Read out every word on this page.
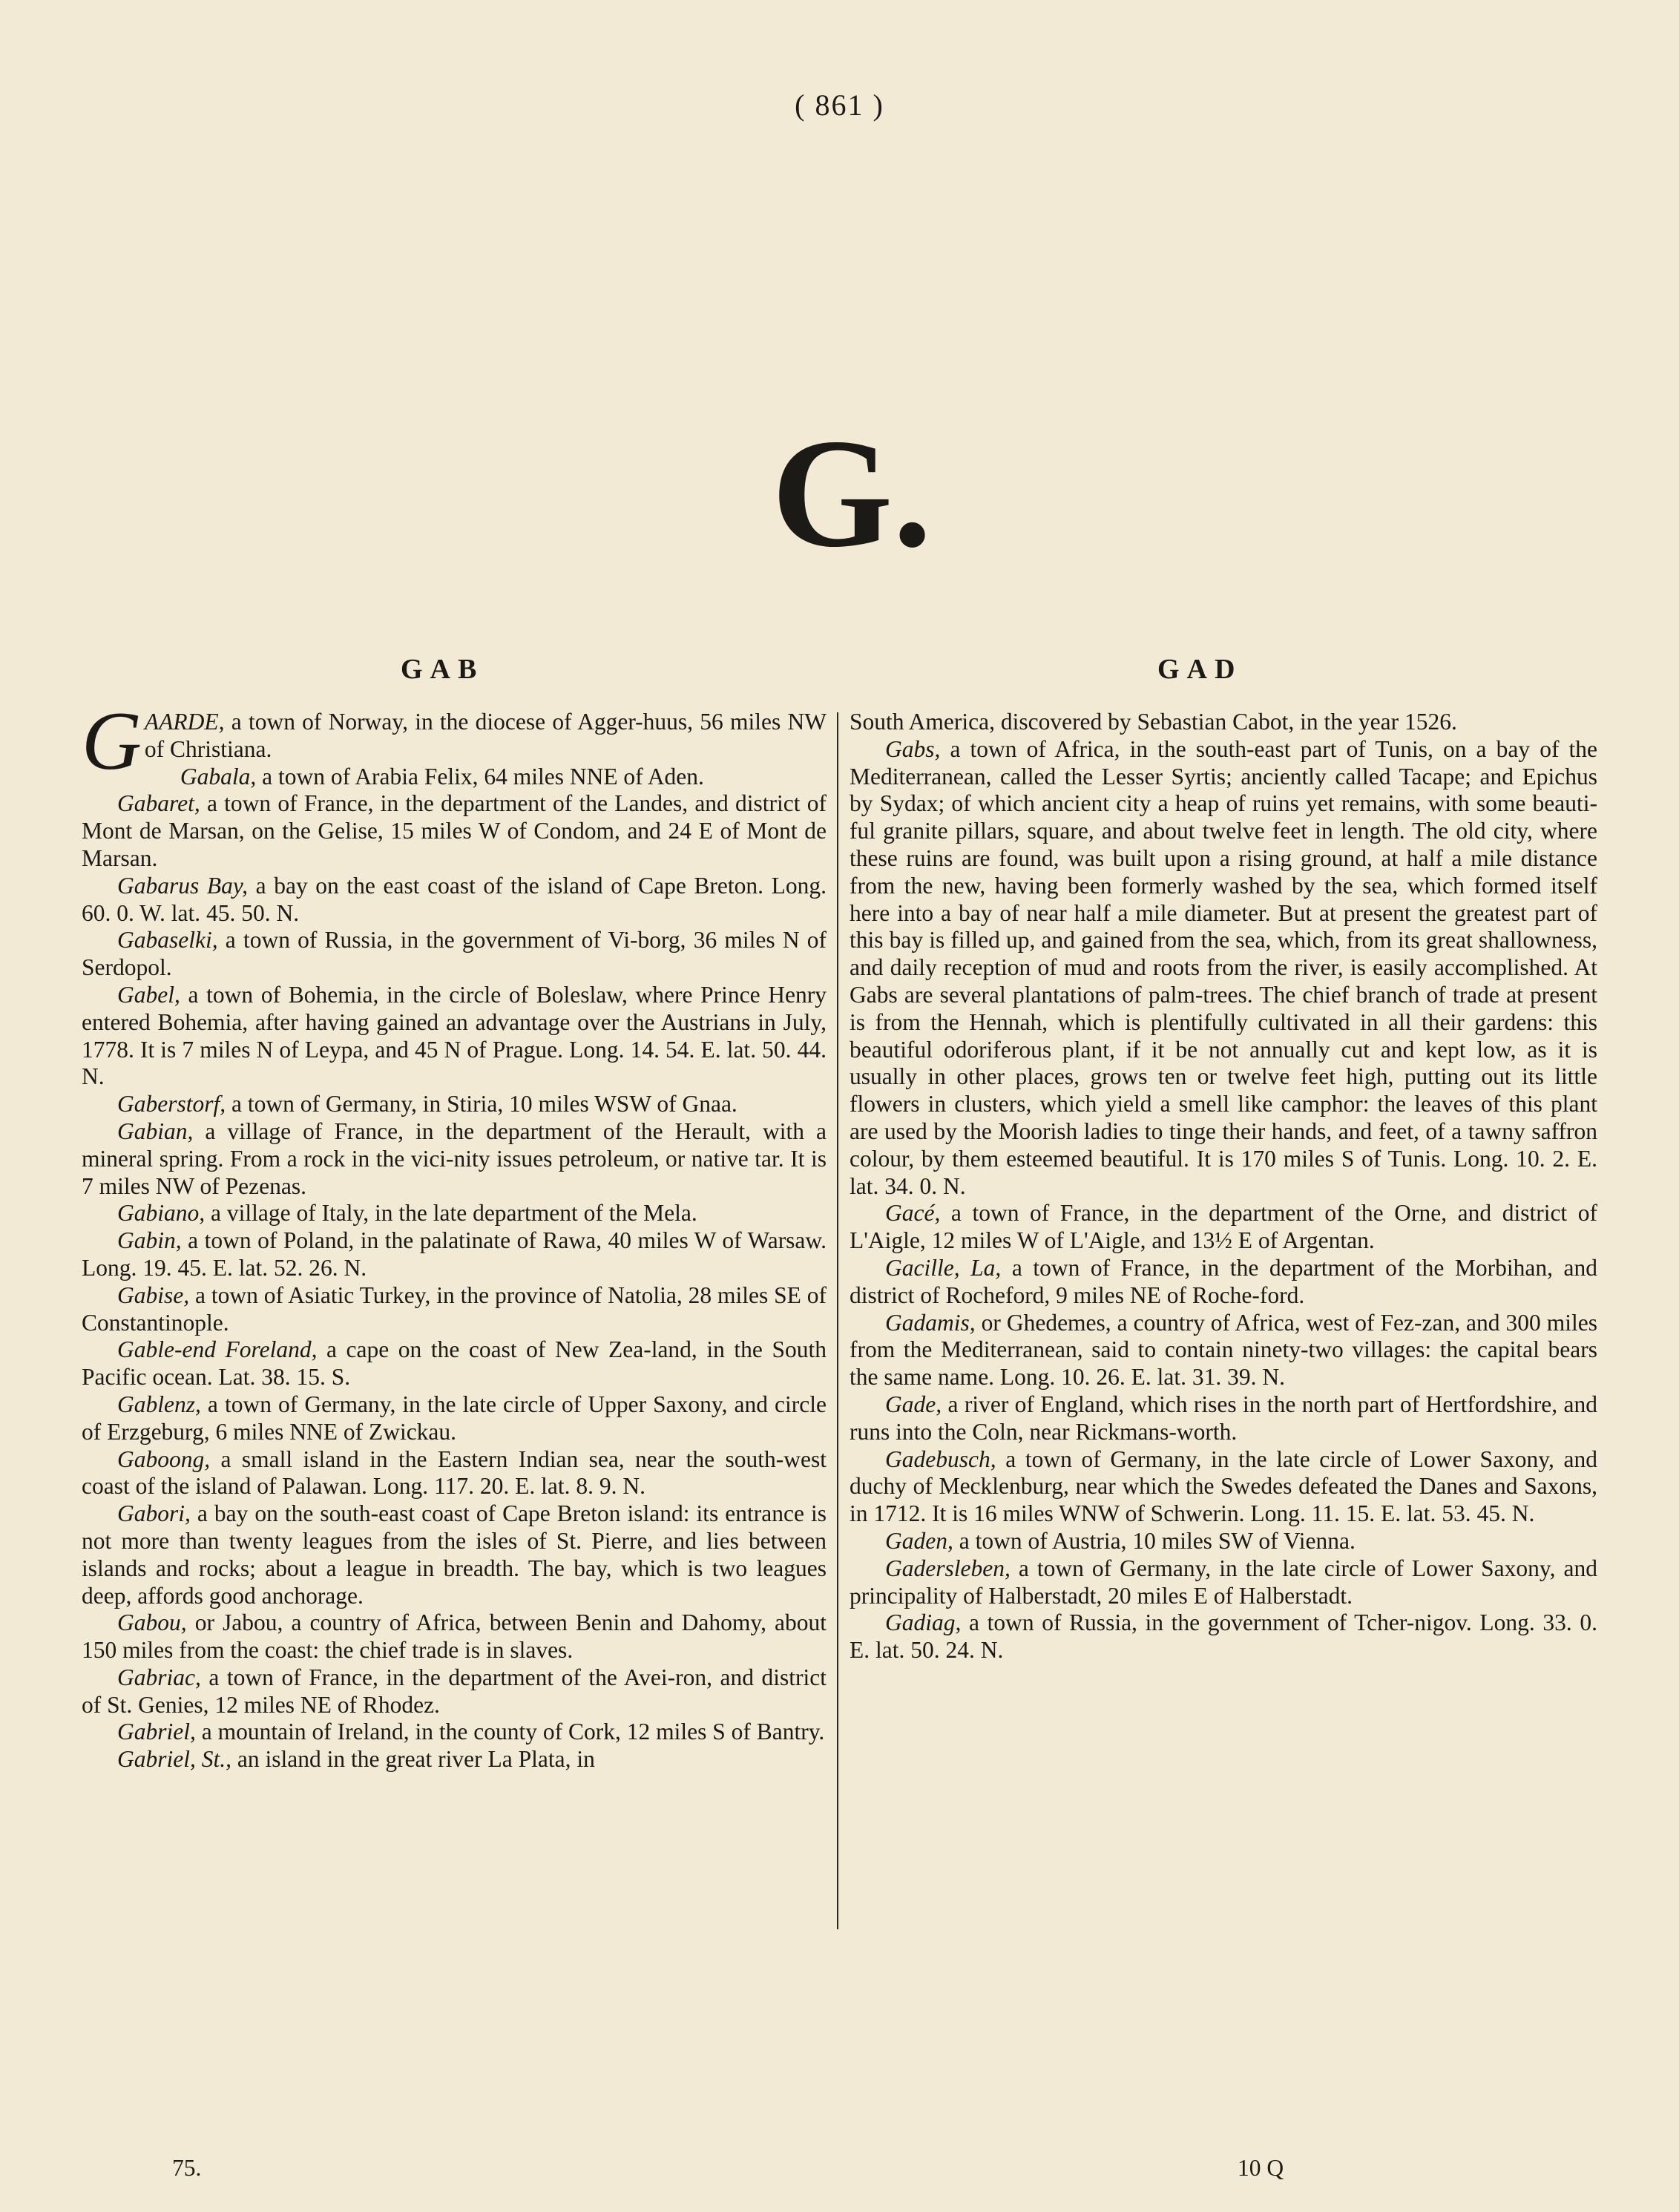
( 861 )
G.
GAB	GAD

GAARDE, a town of Norway, in the diocese of Agger-huus, 56 miles NW of Christiana.

Gabala, a town of Arabia Felix, 64 miles NNE of Aden.

Gabaret, a town of France, in the department of the Landes, and district of Mont de Marsan, on the Gelise, 15 miles W of Condom, and 24 E of Mont de Marsan.

Gabarus Bay, a bay on the east coast of the island of Cape Breton. Long. 60. 0. W. lat. 45. 50. N.

Gabaselki, a town of Russia, in the government of Vi-borg, 36 miles N of Serdopol.

Gabel, a town of Bohemia, in the circle of Boleslaw, where Prince Henry entered Bohemia, after having gained an advantage over the Austrians in July, 1778. It is 7 miles N of Leypa, and 45 N of Prague. Long. 14. 54. E. lat. 50. 44. N.

Gaberstorf, a town of Germany, in Stiria, 10 miles WSW of Gnaa.

Gabian, a village of France, in the department of the Herault, with a mineral spring. From a rock in the vici-nity issues petroleum, or native tar. It is 7 miles NW of Pezenas.

Gabiano, a village of Italy, in the late department of the Mela.

Gabin, a town of Poland, in the palatinate of Rawa, 40 miles W of Warsaw. Long. 19. 45. E. lat. 52. 26. N.

Gabise, a town of Asiatic Turkey, in the province of Natolia, 28 miles SE of Constantinople.

Gable-end Foreland, a cape on the coast of New Zea-land, in the South Pacific ocean. Lat. 38. 15. S.

Gablenz, a town of Germany, in the late circle of Upper Saxony, and circle of Erzgeburg, 6 miles NNE of Zwickau.

Gaboong, a small island in the Eastern Indian sea, near the south-west coast of the island of Palawan. Long. 117. 20. E. lat. 8. 9. N.

Gabori, a bay on the south-east coast of Cape Breton island: its entrance is not more than twenty leagues from the isles of St. Pierre, and lies between islands and rocks; about a league in breadth. The bay, which is two leagues deep, affords good anchorage.

Gabou, or Jabou, a country of Africa, between Benin and Dahomy, about 150 miles from the coast: the chief trade is in slaves.

Gabriac, a town of France, in the department of the Avei-ron, and district of St. Genies, 12 miles NE of Rhodez.

Gabriel, a mountain of Ireland, in the county of Cork, 12 miles S of Bantry.

Gabriel, St., an island in the great river La Plata, in

South America, discovered by Sebastian Cabot, in the year 1526.

Gabs, a town of Africa, in the south-east part of Tunis, on a bay of the Mediterranean, called the Lesser Syrtis; anciently called Tacape; and Epichus by Sydax; of which ancient city a heap of ruins yet remains, with some beauti-ful granite pillars, square, and about twelve feet in length. The old city, where these ruins are found, was built upon a rising ground, at half a mile distance from the new, having been formerly washed by the sea, which formed itself here into a bay of near half a mile diameter. But at present the greatest part of this bay is filled up, and gained from the sea, which, from its great shallowness, and daily reception of mud and roots from the river, is easily accomplished. At Gabs are several plantations of palm-trees. The chief branch of trade at present is from the Hennah, which is plentifully cultivated in all their gardens: this beautiful odoriferous plant, if it be not annually cut and kept low, as it is usually in other places, grows ten or twelve feet high, putting out its little flowers in clusters, which yield a smell like camphor: the leaves of this plant are used by the Moorish ladies to tinge their hands, and feet, of a tawny saffron colour, by them esteemed beautiful. It is 170 miles S of Tunis. Long. 10. 2. E. lat. 34. 0. N.

Gacé, a town of France, in the department of the Orne, and district of L'Aigle, 12 miles W of L'Aigle, and 13½ E of Argentan.

Gacille, La, a town of France, in the department of the Morbihan, and district of Rocheford, 9 miles NE of Roche-ford.

Gadamis, or Ghedemes, a country of Africa, west of Fez-zan, and 300 miles from the Mediterranean, said to contain ninety-two villages: the capital bears the same name. Long. 10. 26. E. lat. 31. 39. N.

Gade, a river of England, which rises in the north part of Hertfordshire, and runs into the Coln, near Rickmans-worth.

Gadebusch, a town of Germany, in the late circle of Lower Saxony, and duchy of Mecklenburg, near which the Swedes defeated the Danes and Saxons, in 1712. It is 16 miles WNW of Schwerin. Long. 11. 15. E. lat. 53. 45. N.

Gaden, a town of Austria, 10 miles SW of Vienna.

Gadersleben, a town of Germany, in the late circle of Lower Saxony, and principality of Halberstadt, 20 miles E of Halberstadt.

Gadiag, a town of Russia, in the government of Tcher-nigov. Long. 33. 0. E. lat. 50. 24. N.

75.	10 Q
